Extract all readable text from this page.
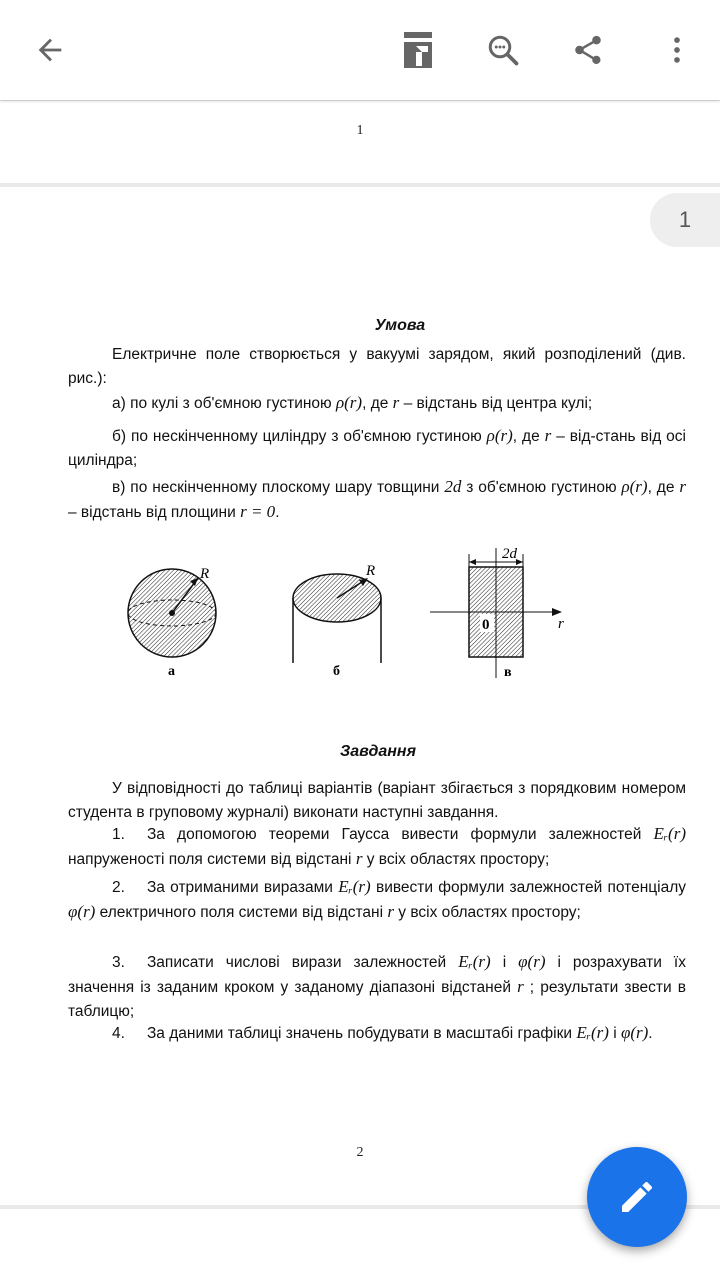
1
1
Умова
Електричне поле створюється у вакуумі зарядом, який розподілений (див. рис.):
а) по кулі з об'ємною густиною ρ(r), де r – відстань від центра кулі;
б) по нескінченному циліндру з об'ємною густиною ρ(r), де r – від-стань від осі циліндра;
в) по нескінченному плоскому шару товщини 2d з об'ємною густиною ρ(r), де r – відстань від площини r = 0.
R
а
R
б
2d
0	r
в
Завдання
У відповідності до таблиці варіантів (варіант збігається з порядковим номером студента в груповому журналі) виконати наступні завдання.
1. За допомогою теореми Гаусса вивести формули залежностей Eᵣ(r) напруженості поля системи від відстані r у всіх областях простору;
2. За отриманими виразами Eᵣ(r) вивести формули залежностей потенціалу φ(r) електричного поля системи від відстані r у всіх областях простору;
3. Записати числові вирази залежностей Eᵣ(r) і φ(r) і розрахувати їх значення із заданим кроком у заданому діапазоні відстаней r ; результати звести в таблицю;
4. За даними таблиці значень побудувати в масштабі графіки Eᵣ(r) і φ(r).
2
